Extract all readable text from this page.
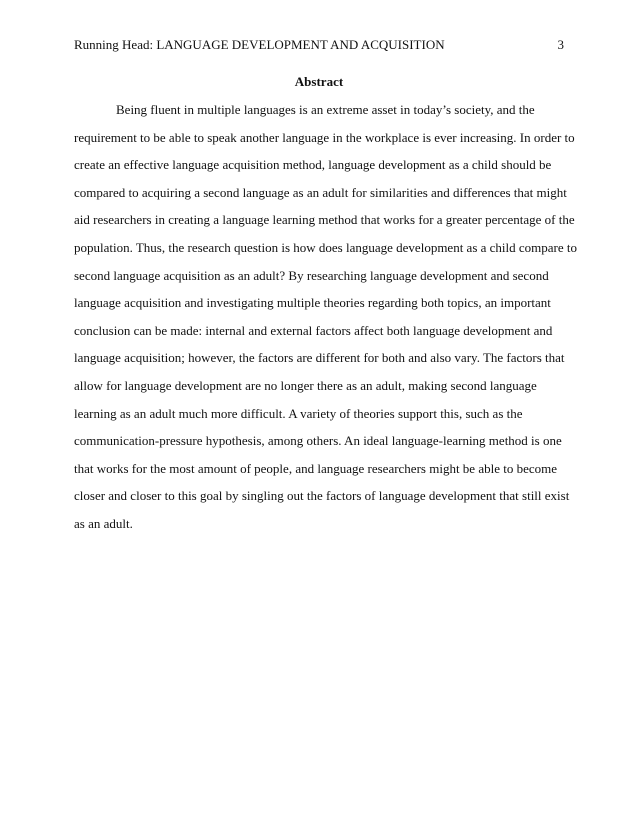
Running Head: LANGUAGE DEVELOPMENT AND ACQUISITION	3
Abstract
Being fluent in multiple languages is an extreme asset in today’s society, and the
requirement to be able to speak another language in the workplace is ever increasing. In order to
create an effective language acquisition method, language development as a child should be
compared to acquiring a second language as an adult for similarities and differences that might
aid researchers in creating a language learning method that works for a greater percentage of the
population. Thus, the research question is how does language development as a child compare to
second language acquisition as an adult? By researching language development and second
language acquisition and investigating multiple theories regarding both topics, an important
conclusion can be made: internal and external factors affect both language development and
language acquisition; however, the factors are different for both and also vary. The factors that
allow for language development are no longer there as an adult, making second language
learning as an adult much more difficult. A variety of theories support this, such as the
communication-pressure hypothesis, among others. An ideal language-learning method is one
that works for the most amount of people, and language researchers might be able to become
closer and closer to this goal by singling out the factors of language development that still exist
as an adult.
